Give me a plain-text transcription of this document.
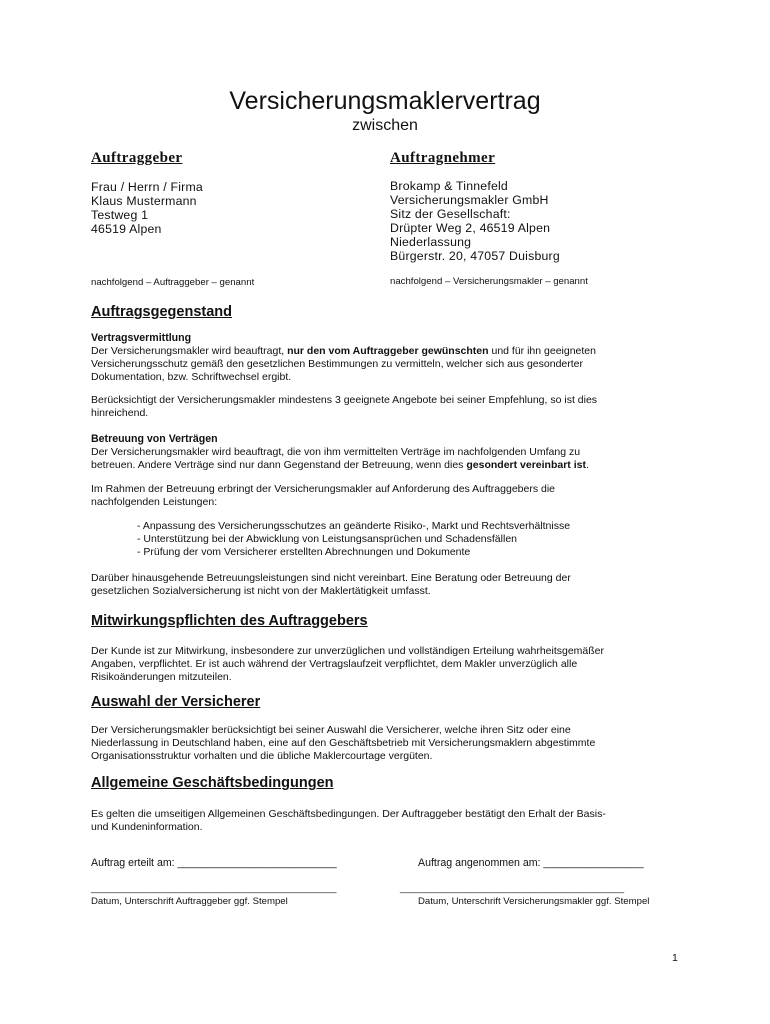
Versicherungsmaklervertrag
zwischen
Auftraggeber
Frau / Herrn / Firma
Klaus Mustermann
Testweg 1
46519 Alpen
nachfolgend – Auftraggeber – genannt
Auftragnehmer
Brokamp & Tinnefeld
Versicherungsmakler GmbH
Sitz der Gesellschaft:
Drüpter Weg 2, 46519 Alpen
Niederlassung
Bürgerstr. 20, 47057 Duisburg
nachfolgend – Versicherungsmakler – genannt
Auftragsgegenstand
Vertragsvermittlung
Der Versicherungsmakler wird beauftragt, nur den vom Auftraggeber gewünschten und für ihn geeigneten
Versicherungsschutz gemäß den gesetzlichen Bestimmungen zu vermitteln, welcher sich aus gesonderter
Dokumentation, bzw. Schriftwechsel ergibt.
Berücksichtigt der Versicherungsmakler mindestens 3 geeignete Angebote bei seiner Empfehlung, so ist dies
hinreichend.
Betreuung von Verträgen
Der Versicherungsmakler wird beauftragt, die von ihm vermittelten Verträge im nachfolgenden Umfang zu
betreuen. Andere Verträge sind nur dann Gegenstand der Betreuung, wenn dies gesondert vereinbart ist.
Im Rahmen der Betreuung erbringt der Versicherungsmakler auf Anforderung des Auftraggebers die
nachfolgenden Leistungen:
- Anpassung des Versicherungsschutzes an geänderte Risiko-, Markt und Rechtsverhältnisse
- Unterstützung bei der Abwicklung von Leistungsansprüchen und Schadensfällen
- Prüfung der vom Versicherer erstellten Abrechnungen und Dokumente
Darüber hinausgehende Betreuungsleistungen sind nicht vereinbart. Eine Beratung oder Betreuung der
gesetzlichen Sozialversicherung ist nicht von der Maklertätigkeit umfasst.
Mitwirkungspflichten des Auftraggebers
Der Kunde ist zur Mitwirkung, insbesondere zur unverzüglichen und vollständigen Erteilung wahrheitsgemäßer
Angaben, verpflichtet. Er ist auch während der Vertragslaufzeit verpflichtet, dem Makler unverzüglich alle
Risikoänderungen mitzuteilen.
Auswahl der Versicherer
Der Versicherungsmakler berücksichtigt bei seiner Auswahl die Versicherer, welche ihren Sitz oder eine
Niederlassung in Deutschland haben, eine auf den Geschäftsbetrieb mit Versicherungsmaklern abgestimmte
Organisationsstruktur vorhalten und die übliche Maklercourtage vergüten.
Allgemeine Geschäftsbedingungen
Es gelten die umseitigen Allgemeinen Geschäftsbedingungen. Der Auftraggeber bestätigt den Erhalt der Basis-
und Kundeninformation.
Auftrag erteilt am: ___________________________	Auftrag angenommen am: _________________
______________________________________________	__________________________________________
Datum, Unterschrift Auftraggeber ggf. Stempel	Datum, Unterschrift Versicherungsmakler ggf. Stempel
1
